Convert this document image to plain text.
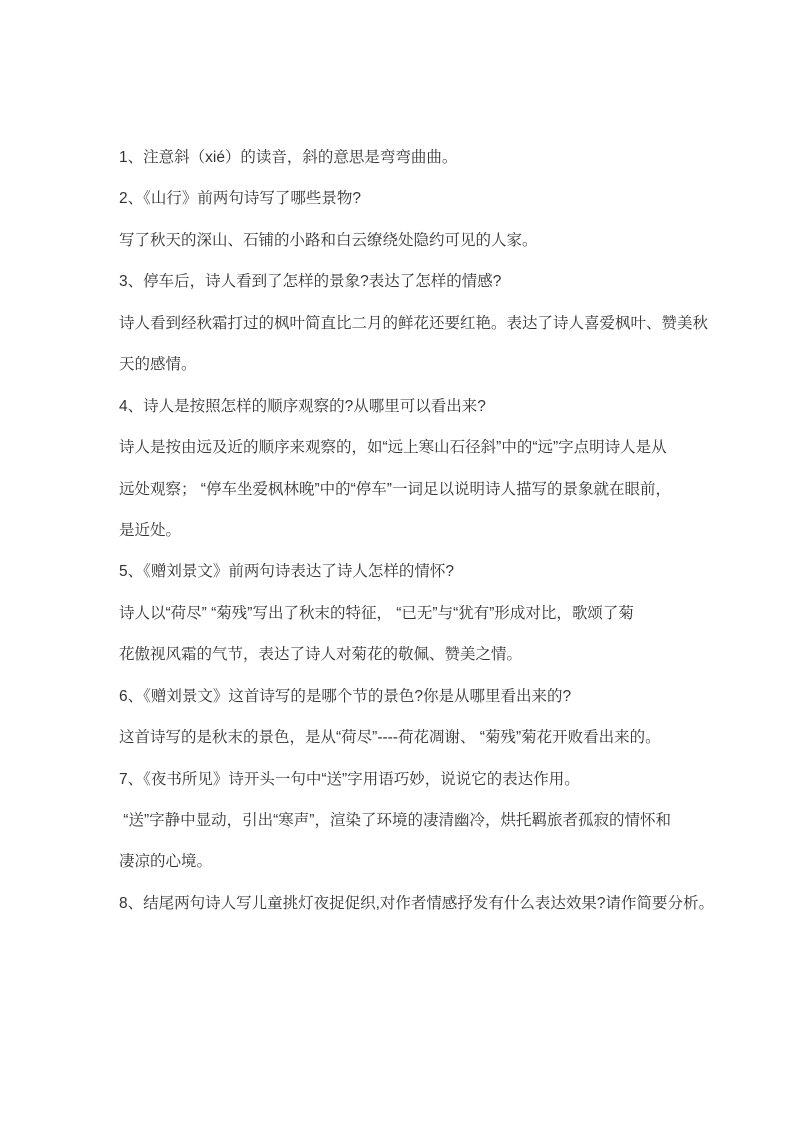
1、注意斜（xié）的读音，斜的意思是弯弯曲曲。
2、《山行》前两句诗写了哪些景物?
写了秋天的深山、石铺的小路和白云缭绕处隐约可见的人家。
3、停车后，诗人看到了怎样的景象?表达了怎样的情感?
诗人看到经秋霜打过的枫叶简直比二月的鲜花还要红艳。表达了诗人喜爱枫叶、赞美秋
天的感情。
4、诗人是按照怎样的顺序观察的?从哪里可以看出来?
诗人是按由远及近的顺序来观察的，如“远上寒山石径斜”中的“远”字点明诗人是从
远处观察； “停车坐爱枫林晚”中的“停车”一词足以说明诗人描写的景象就在眼前，
是近处。
5、《赠刘景文》前两句诗表达了诗人怎样的情怀?
诗人以“荷尽” “菊残”写出了秋末的特征， “已无”与“犹有”形成对比，歌颂了菊
花傲视风霜的气节，表达了诗人对菊花的敬佩、赞美之情。
6、《赠刘景文》这首诗写的是哪个节的景色?你是从哪里看出来的?
这首诗写的是秋末的景色，是从“荷尽”----荷花凋谢、 “菊残”菊花开败看出来的。
7、《夜书所见》诗开头一句中“送”字用语巧妙，说说它的表达作用。
“送”字静中显动，引出“寒声”，渲染了环境的凄清幽冷，烘托羁旅者孤寂的情怀和
凄凉的心境。
8、结尾两句诗人写儿童挑灯夜捉促织,对作者情感抒发有什么表达效果?请作简要分析。
